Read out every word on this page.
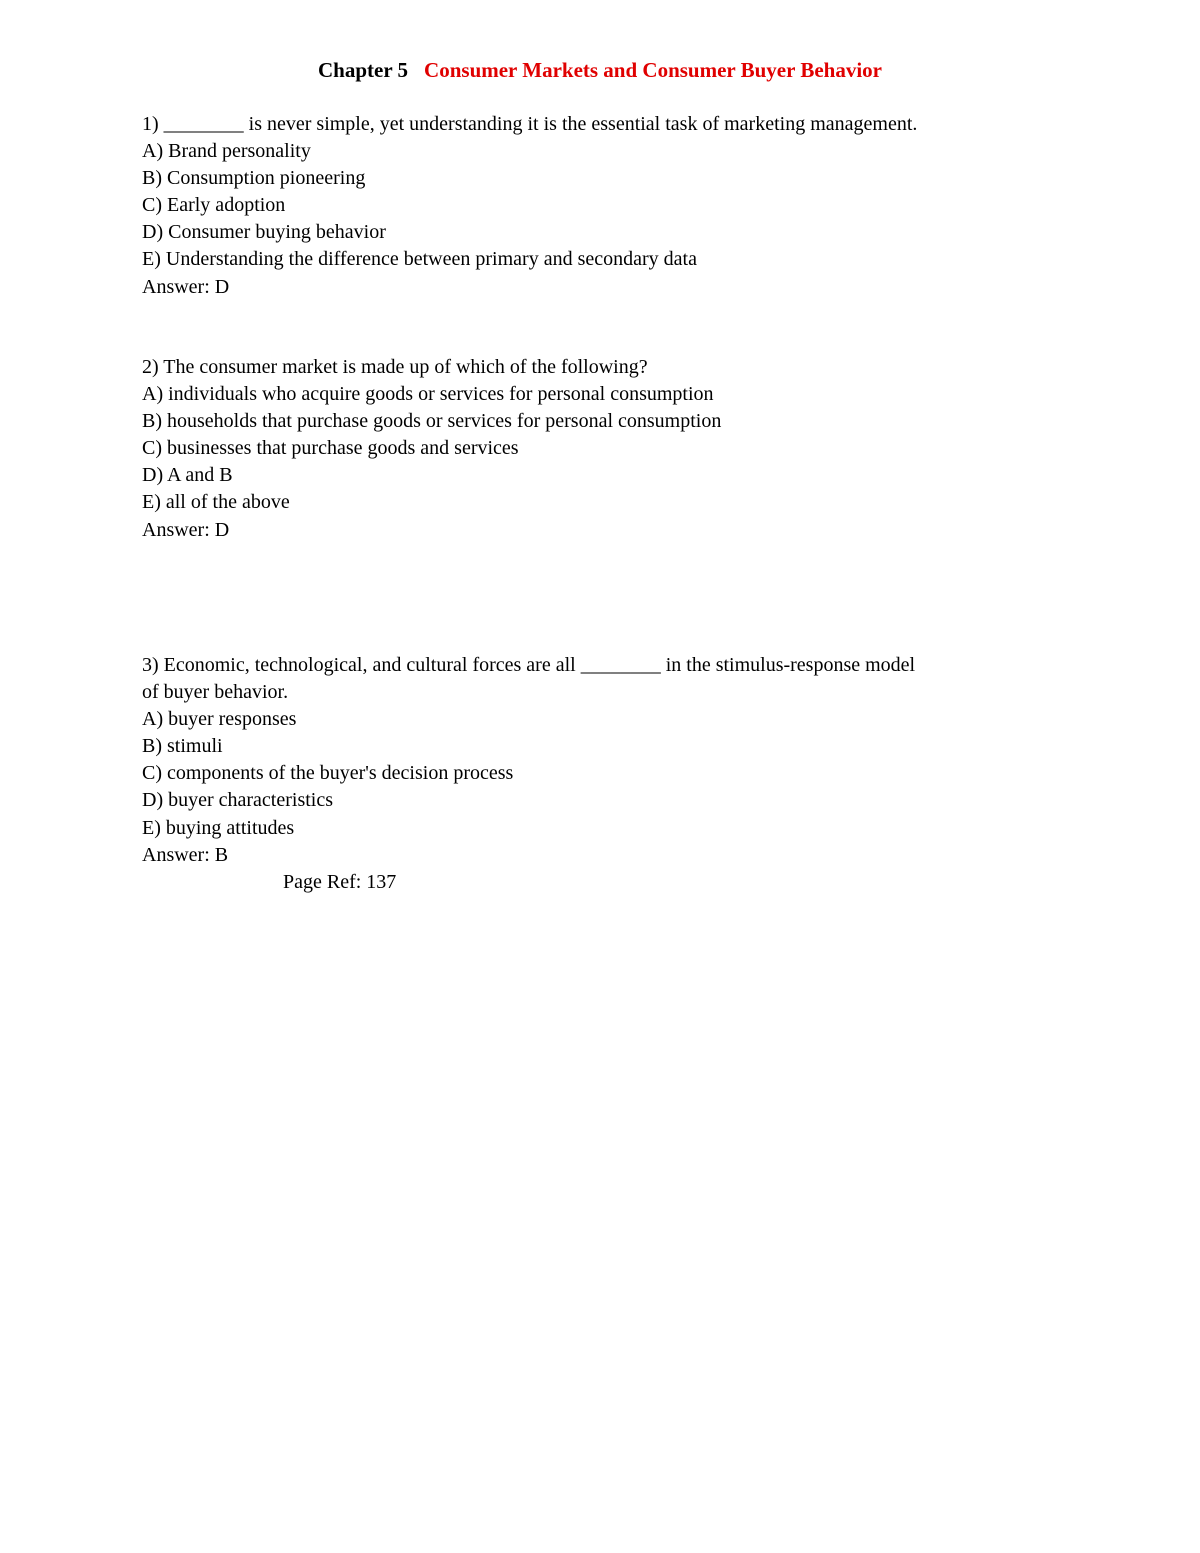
Chapter 5 Consumer Markets and Consumer Buyer Behavior
1) ________ is never simple, yet understanding it is the essential task of marketing management.
A) Brand personality
B) Consumption pioneering
C) Early adoption
D) Consumer buying behavior
E) Understanding the difference between primary and secondary data
Answer: D
2) The consumer market is made up of which of the following?
A) individuals who acquire goods or services for personal consumption
B) households that purchase goods or services for personal consumption
C) businesses that purchase goods and services
D) A and B
E) all of the above
Answer: D
3) Economic, technological, and cultural forces are all ________ in the stimulus-response model
of buyer behavior.
A) buyer responses
B) stimuli
C) components of the buyer's decision process
D) buyer characteristics
E) buying attitudes
Answer: B
Page Ref: 137
